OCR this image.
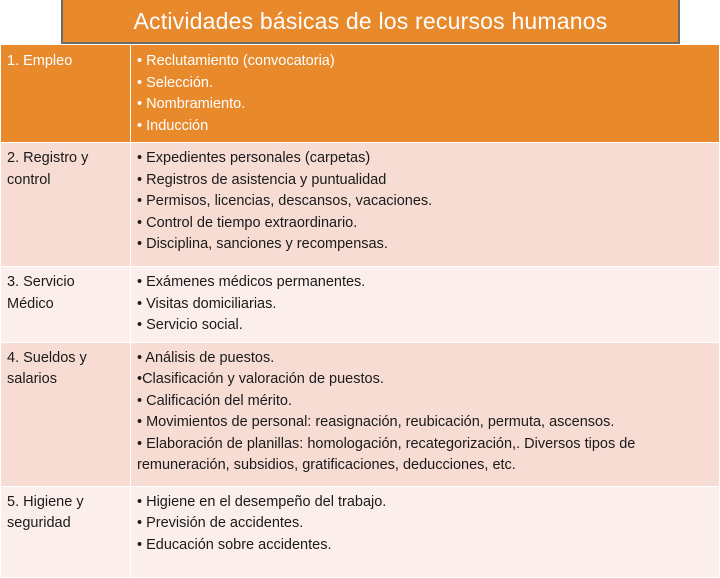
Actividades básicas de los recursos humanos
1. Empleo	• Reclutamiento (convocatoria)
• Selección.
• Nombramiento.
• Inducción

2. Registro y control	• Expedientes personales (carpetas)
• Registros de asistencia y puntualidad
• Permisos, licencias, descansos, vacaciones.
• Control de tiempo extraordinario.
• Disciplina, sanciones y recompensas.

3. Servicio Médico	• Exámenes médicos permanentes.
• Visitas domiciliarias.
• Servicio social.

4. Sueldos y salarios	• Análisis de puestos.
•Clasificación y valoración de puestos.
• Calificación del mérito.
• Movimientos de personal: reasignación, reubicación, permuta, ascensos.
• Elaboración de planillas: homologación, recategorización,. Diversos tipos de remuneración, subsidios, gratificaciones, deducciones, etc.

5. Higiene y seguridad	• Higiene en el desempeño del trabajo.
• Previsión de accidentes.
• Educación sobre accidentes.
